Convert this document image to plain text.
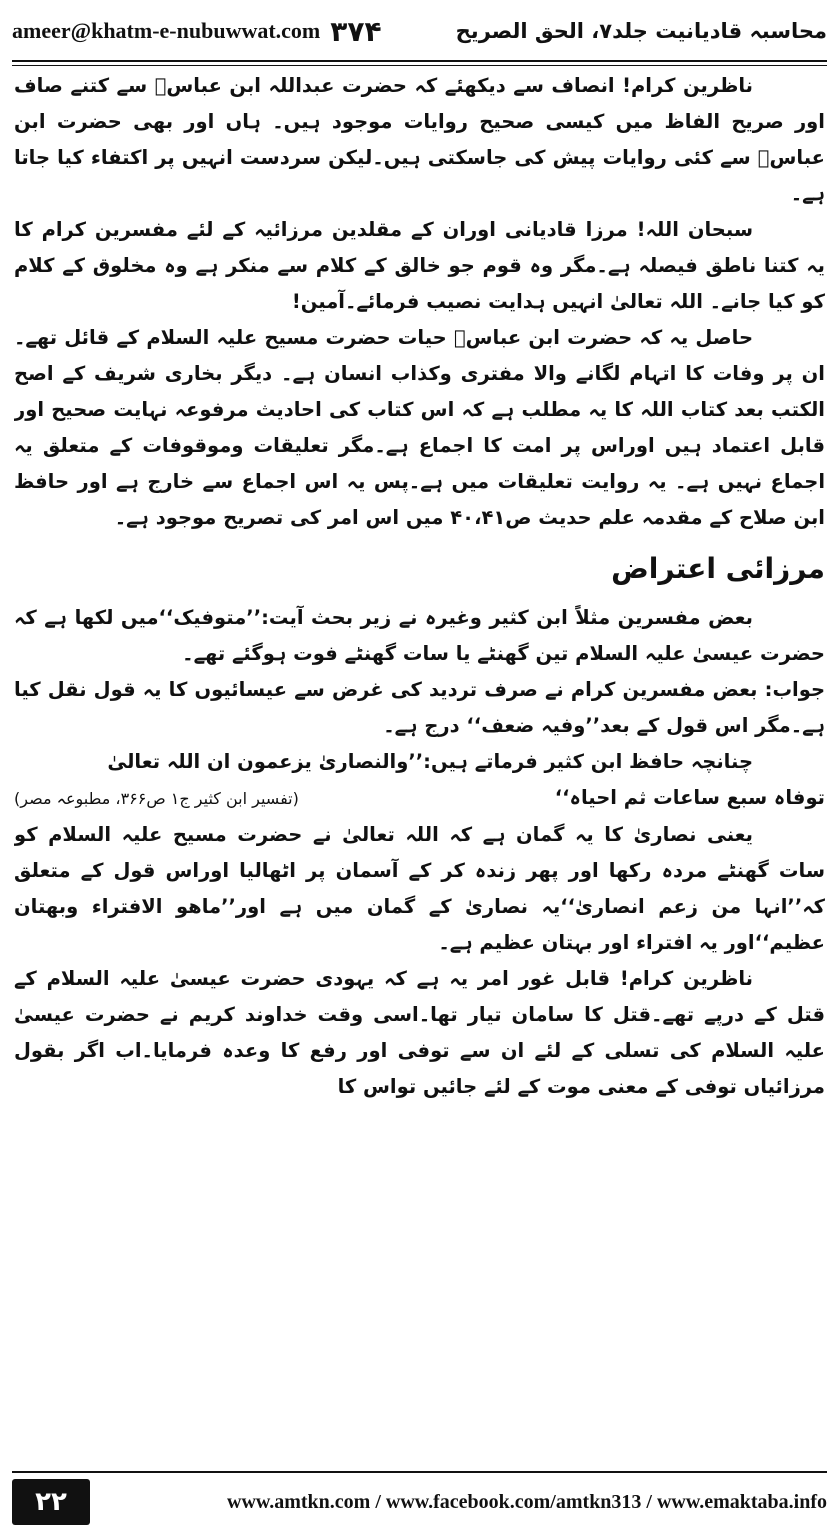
ameer@khatm-e-nubuwwat.com ۳۷۴	محاسبہ قادیانیت جلد۷، الحق الصریح

ناظرین کرام! انصاف سے دیکھئے کہ حضرت عبداللہ ابن عباسؓ سے کتنے صاف اور صریح الفاظ میں کیسی صحیح روایات موجود ہیں۔ ہاں اور بھی حضرت ابن عباسؓ سے کئی روایات پیش کی جاسکتی ہیں۔لیکن سردست انہیں پر اکتفاء کیا جاتا ہے۔

سبحان اللہ! مرزا قادیانی اوران کے مقلدین مرزائیہ کے لئے مفسرین کرام کا یہ کتنا ناطق فیصلہ ہے۔مگر وہ قوم جو خالق کے کلام سے منکر ہے وہ مخلوق کے کلام کو کیا جانے۔ اللہ تعالیٰ انہیں ہدایت نصیب فرمائے۔آمین!

حاصل یہ کہ حضرت ابن عباسؓ حیات حضرت مسیح علیہ السلام کے قائل تھے۔ان پر وفات کا اتہام لگانے والا مفتری وکذاب انسان ہے۔ دیگر بخاری شریف کے اصح الکتب بعد کتاب اللہ کا یہ مطلب ہے کہ اس کتاب کی احادیث مرفوعہ نہایت صحیح اور قابل اعتماد ہیں اوراس پر امت کا اجماع ہے۔مگر تعلیقات وموقوفات کے متعلق یہ اجماع نہیں ہے۔ یہ روایت تعلیقات میں ہے۔پس یہ اس اجماع سے خارج ہے اور حافظ ابن صلاح کے مقدمہ علم حدیث ص۴۰،۴۱ میں اس امر کی تصریح موجود ہے۔

مرزائی اعتراض

بعض مفسرین مثلاً ابن کثیر وغیرہ نے زیر بحث آیت:’’متوفیک‘‘میں لکھا ہے کہ حضرت عیسیٰ علیہ السلام تین گھنٹے یا سات گھنٹے فوت ہوگئے تھے۔

جواب: بعض مفسرین کرام نے صرف تردید کی غرض سے عیسائیوں کا یہ قول نقل کیا ہے۔مگر اس قول کے بعد’’وفیہ ضعف‘‘ درج ہے۔

چنانچہ حافظ ابن کثیر فرماتے ہیں:’’والنصاریٰ یزعمون ان اللہ تعالیٰ

توفاہ سبع ساعات ثم احیاہ‘‘
(تفسیر ابن کثیر ج۱ ص۳۶۶، مطبوعہ مصر)

یعنی نصاریٰ کا یہ گمان ہے کہ اللہ تعالیٰ نے حضرت مسیح علیہ السلام کو سات گھنٹے مردہ رکھا اور پھر زندہ کر کے آسمان پر اٹھالیا اوراس قول کے متعلق کہ’’انہا من زعم انصاریٰ‘‘یہ نصاریٰ کے گمان میں ہے اور’’ماھو الافتراء وبھتان عظیم‘‘اور یہ افتراء اور بہتان عظیم ہے۔

ناظرین کرام! قابل غور امر یہ ہے کہ یہودی حضرت عیسیٰ علیہ السلام کے قتل کے درپے تھے۔قتل کا سامان تیار تھا۔اسی وقت خداوند کریم نے حضرت عیسیٰ علیہ السلام کی تسلی کے لئے ان سے توفی اور رفع کا وعدہ فرمایا۔اب اگر بقول مرزائیاں توفی کے معنی موت کے لئے جائیں تواس کا

۲۲	www.amtkn.com / www.facebook.com/amtkn313 / www.emaktaba.info
